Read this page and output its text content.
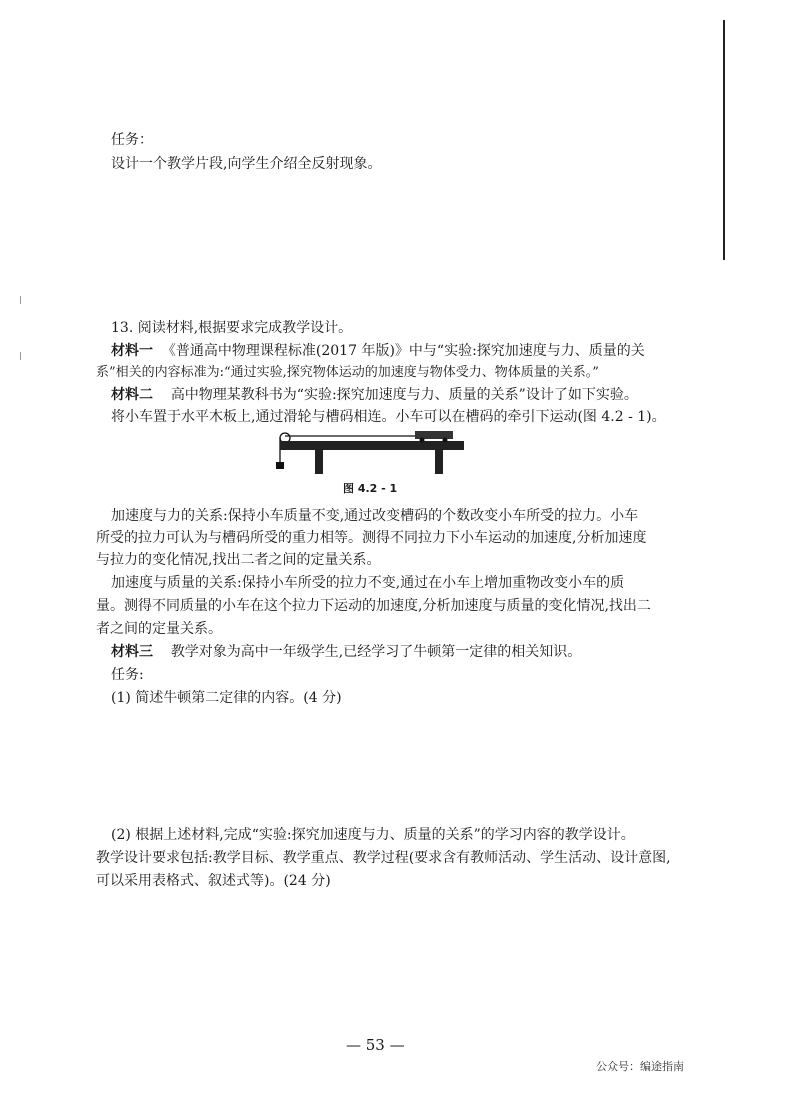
任务：
设计一个教学片段,向学生介绍全反射现象。
13. 阅读材料,根据要求完成教学设计。
材料一 《普通高中物理课程标准(2017 年版)》中与“实验:探究加速度与力、质量的关
系”相关的内容标准为:“通过实验,探究物体运动的加速度与物体受力、物体质量的关系。”
材料二 高中物理某教科书为“实验:探究加速度与力、质量的关系”设计了如下实验。
将小车置于水平木板上,通过滑轮与槽码相连。小车可以在槽码的牵引下运动(图 4.2 - 1)。
图 4.2 - 1
加速度与力的关系:保持小车质量不变,通过改变槽码的个数改变小车所受的拉力。小车
所受的拉力可认为与槽码所受的重力相等。测得不同拉力下小车运动的加速度,分析加速度
与拉力的变化情况,找出二者之间的定量关系。
加速度与质量的关系:保持小车所受的拉力不变,通过在小车上增加重物改变小车的质
量。测得不同质量的小车在这个拉力下运动的加速度,分析加速度与质量的变化情况,找出二
者之间的定量关系。
材料三 教学对象为高中一年级学生,已经学习了牛顿第一定律的相关知识。
任务:
(1) 简述牛顿第二定律的内容。(4 分)
(2) 根据上述材料,完成“实验:探究加速度与力、质量的关系”的学习内容的教学设计。
教学设计要求包括:教学目标、教学重点、教学过程(要求含有教师活动、学生活动、设计意图,
可以采用表格式、叙述式等)。(24 分)
— 53 —
公众号：编途指南
